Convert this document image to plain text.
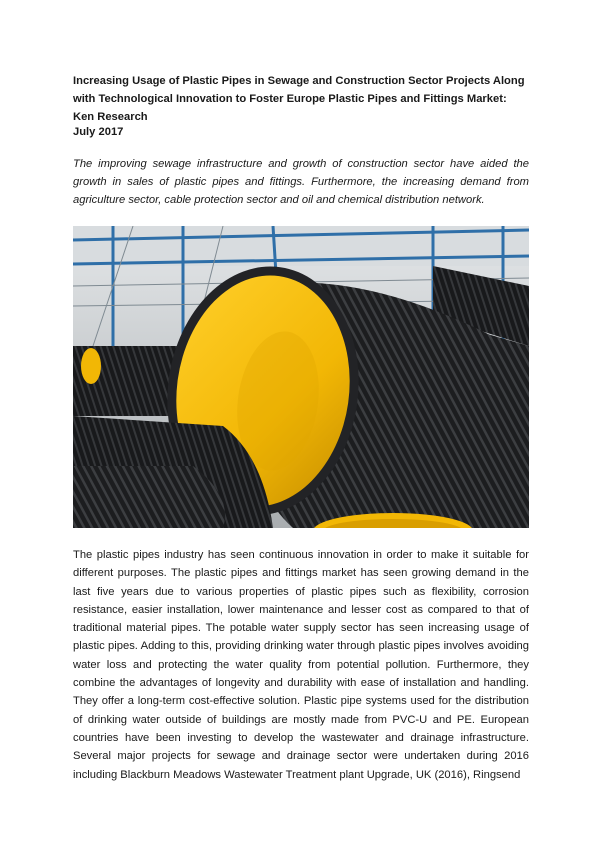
Increasing Usage of Plastic Pipes in Sewage and Construction Sector Projects Along with Technological Innovation to Foster Europe Plastic Pipes and Fittings Market: Ken Research

July 2017

The improving sewage infrastructure and growth of construction sector have aided the growth in sales of plastic pipes and fittings. Furthermore, the increasing demand from agriculture sector, cable protection sector and oil and chemical distribution network.

The plastic pipes industry has seen continuous innovation in order to make it suitable for different purposes. The plastic pipes and fittings market has seen growing demand in the last five years due to various properties of plastic pipes such as flexibility, corrosion resistance, easier installation, lower maintenance and lesser cost as compared to that of traditional material pipes. The potable water supply sector has seen increasing usage of plastic pipes. Adding to this, providing drinking water through plastic pipes involves avoiding water loss and protecting the water quality from potential pollution. Furthermore, they combine the advantages of longevity and durability with ease of installation and handling. They offer a long-term cost-effective solution. Plastic pipe systems used for the distribution of drinking water outside of buildings are mostly made from PVC-U and PE. European countries have been investing to develop the wastewater and drainage infrastructure. Several major projects for sewage and drainage sector were undertaken during 2016 including Blackburn Meadows Wastewater Treatment plant Upgrade, UK (2016), Ringsend
